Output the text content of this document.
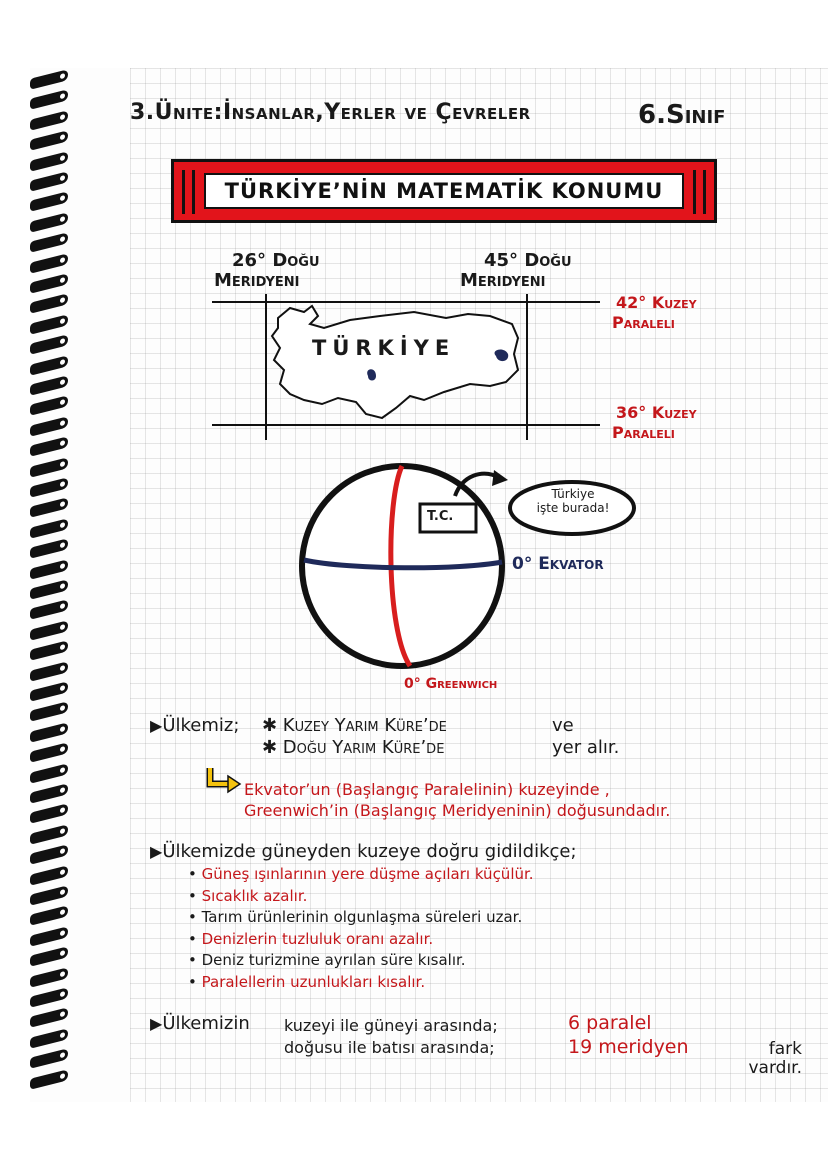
3.Ünite:İnsanlar,Yerler ve Çevreler	6.Sınıf
TÜRKİYE’NİN MATEMATİK KONUMU
26° Doğu
Meridyeni
45° Doğu
Meridyeni
42° Kuzey
Paraleli
36° Kuzey
Paraleli
TÜRKİYE
T.C.
Türkiye
işte burada!
0° Ekvator
0° Greenwich
▶Ülkemiz; ✱ Kuzey Yarım Küre’de	ve
✱ Doğu Yarım Küre’de	yer alır.
Ekvator’un (Başlangıç Paralelinin) kuzeyinde ,
Greenwich’in (Başlangıç Meridyeninin) doğusundadır.
▶Ülkemizde güneyden kuzeye doğru gidildikçe;
• Güneş ışınlarının yere düşme açıları küçülür.
• Sıcaklık azalır.
• Tarım ürünlerinin olgunlaşma süreleri uzar.
• Denizlerin tuzluluk oranı azalır.
• Deniz turizmine ayrılan süre kısalır.
• Paralellerin uzunlukları kısalır.
▶Ülkemizin kuzeyi ile güneyi arasında;	6 paralel
doğusu ile batısı arasında;	19 meridyen	fark
vardır.
